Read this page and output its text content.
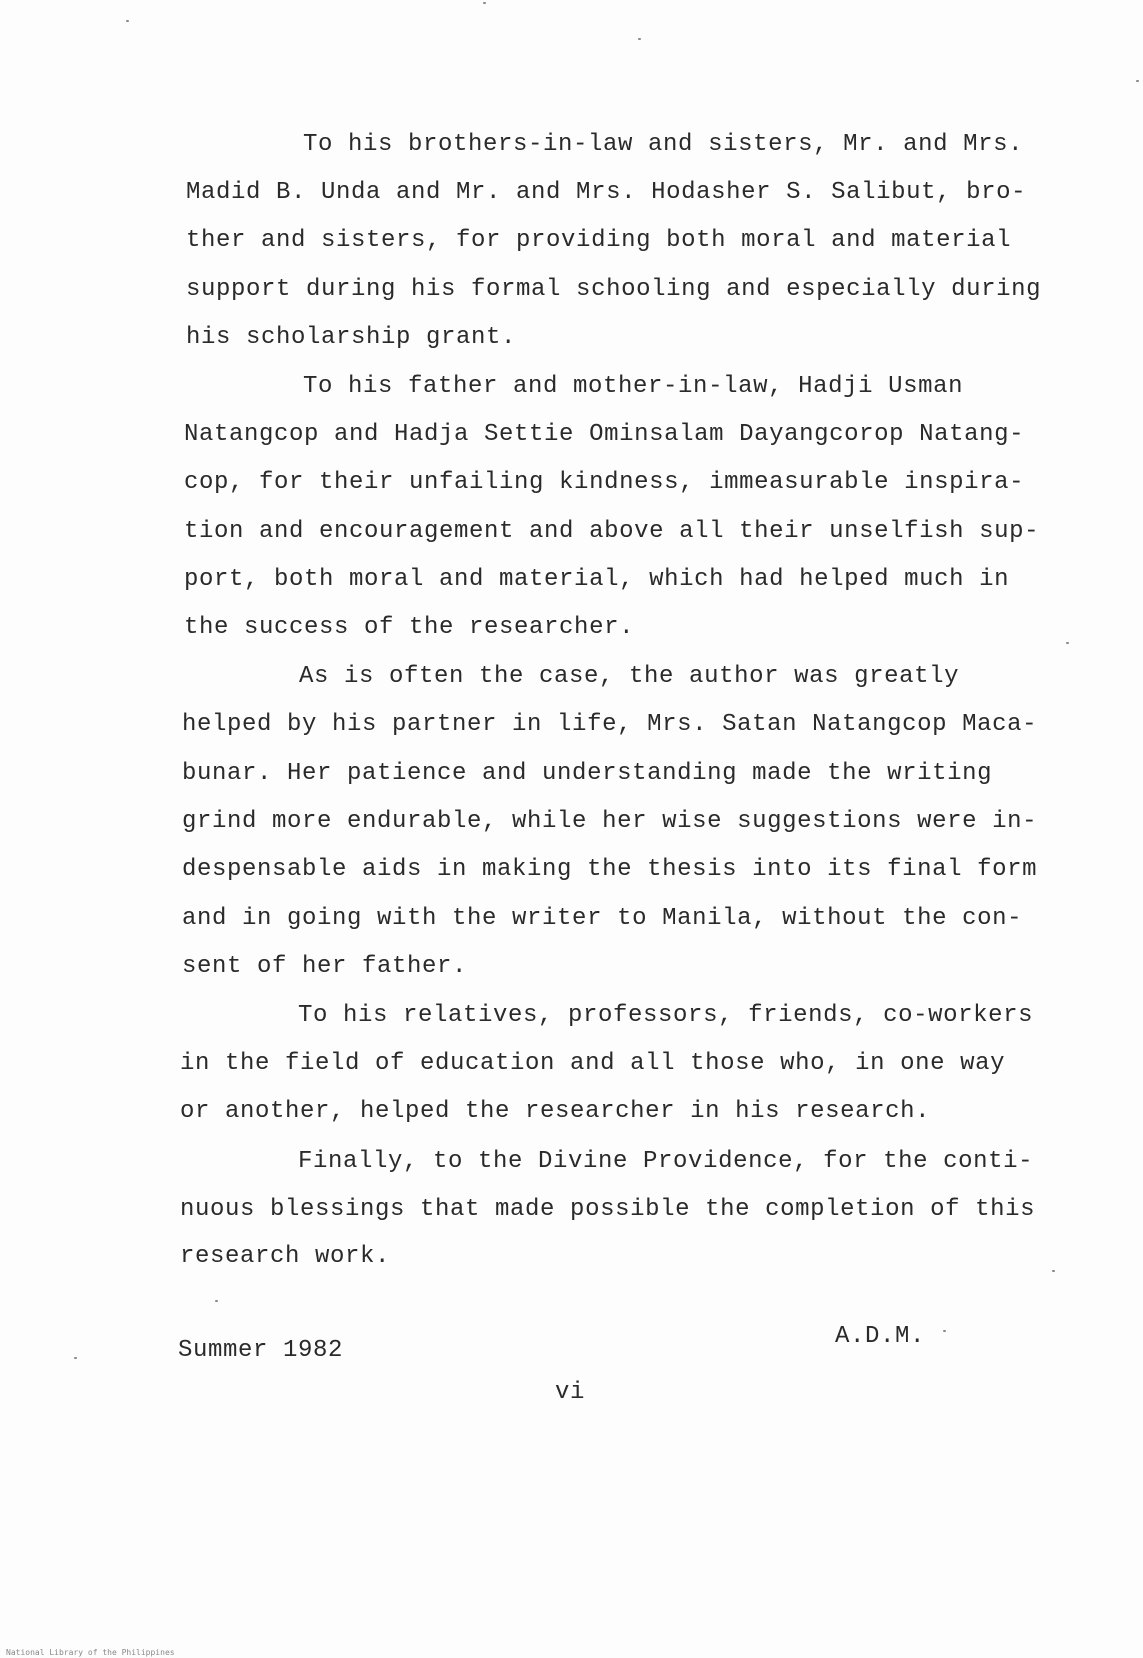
To his brothers-in-law and sisters, Mr. and Mrs.
Madid B. Unda and Mr. and Mrs. Hodasher S. Salibut, bro-
ther and sisters, for providing both moral and material
support during his formal schooling and especially during
his scholarship grant.
To his father and mother-in-law, Hadji Usman
Natangcop and Hadja Settie Ominsalam Dayangcorop Natang-
cop, for their unfailing kindness, immeasurable inspira-
tion and encouragement and above all their unselfish sup-
port, both moral and material, which had helped much in
the success of the researcher.
As is often the case, the author was greatly
helped by his partner in life, Mrs. Satan Natangcop Maca-
bunar. Her patience and understanding made the writing
grind more endurable, while her wise suggestions were in-
despensable aids in making the thesis into its final form
and in going with the writer to Manila, without the con-
sent of her father.
To his relatives, professors, friends, co-workers
in the field of education and all those who, in one way
or another, helped the researcher in his research.
Finally, to the Divine Providence, for the conti-
nuous blessings that made possible the completion of this
research work.
Summer 1982
A.D.M.
vi
National Library of the Philippines
